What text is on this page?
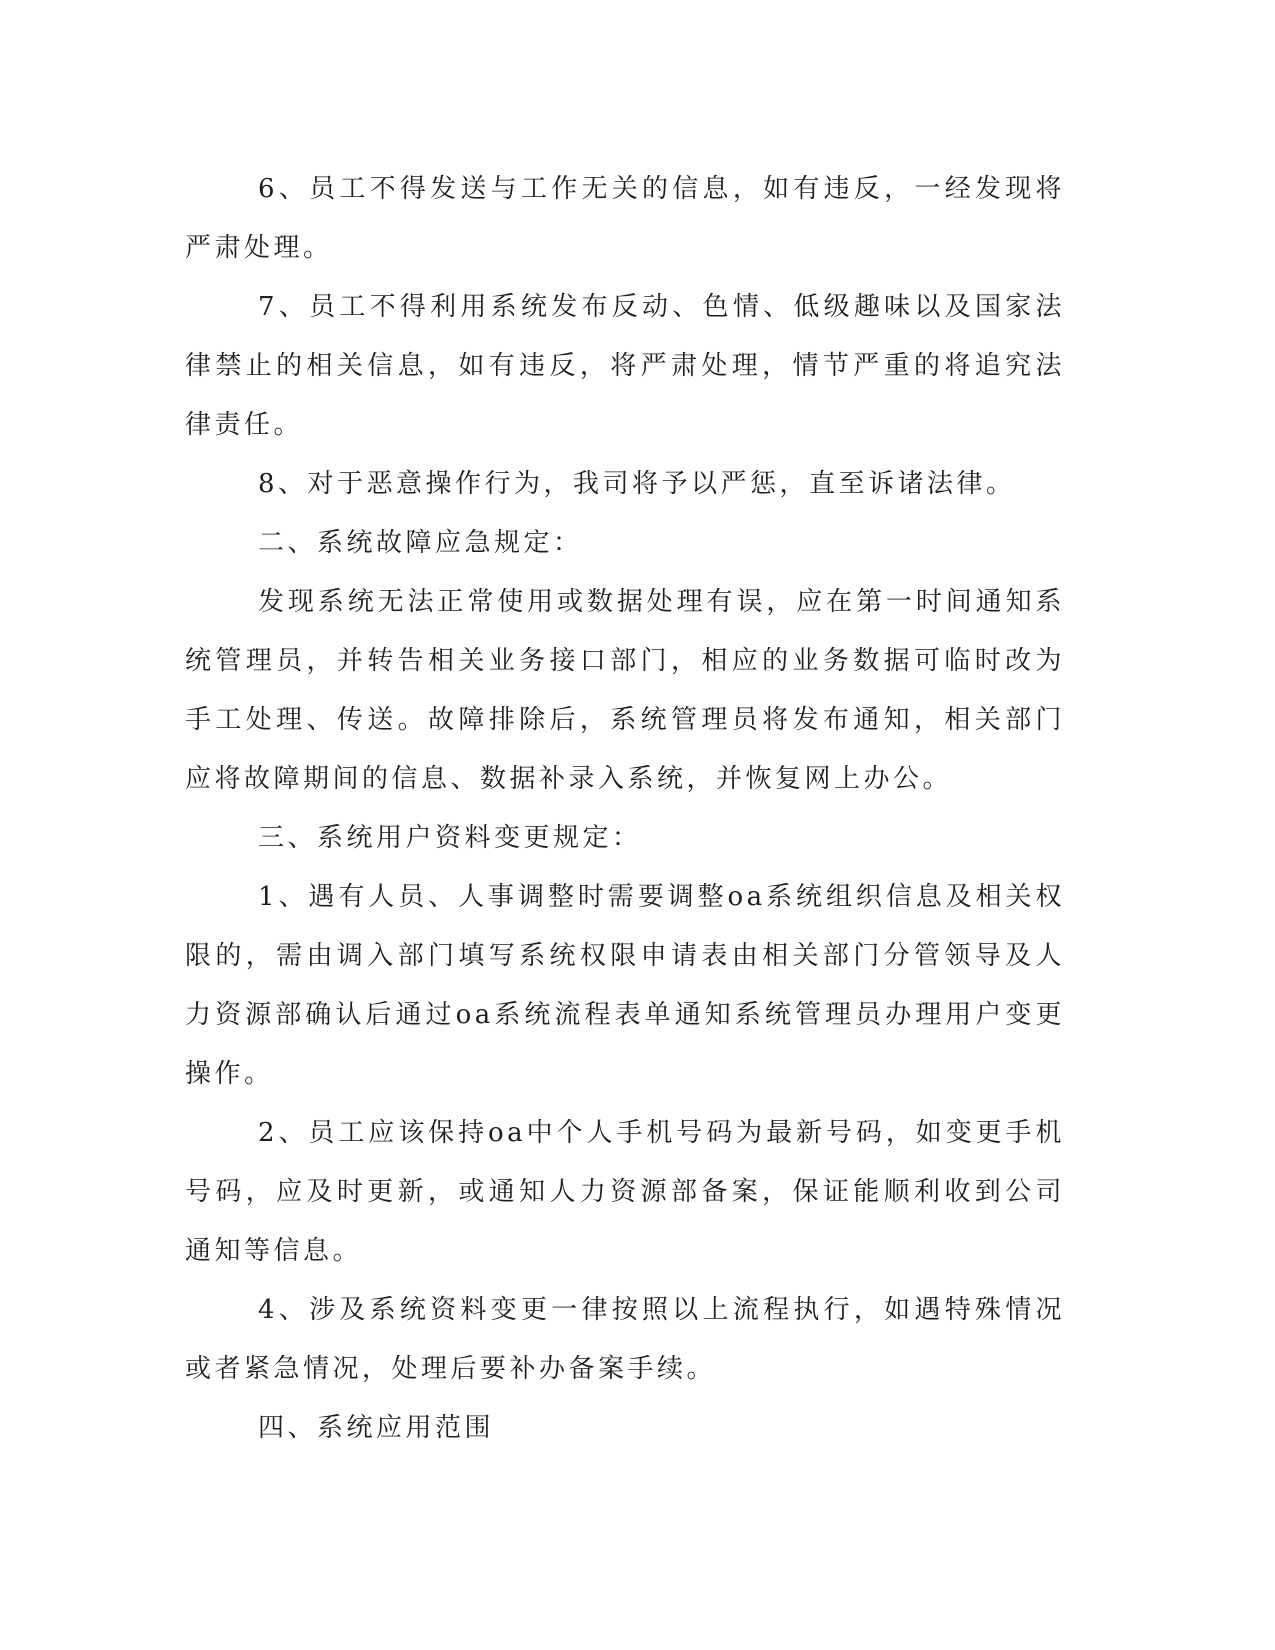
6、员工不得发送与工作无关的信息，如有违反，一经发现将严肃处理。

7、员工不得利用系统发布反动、色情、低级趣味以及国家法律禁止的相关信息，如有违反，将严肃处理，情节严重的将追究法律责任。

8、对于恶意操作行为，我司将予以严惩，直至诉诸法律。

二、系统故障应急规定：

发现系统无法正常使用或数据处理有误，应在第一时间通知系统管理员，并转告相关业务接口部门，相应的业务数据可临时改为手工处理、传送。故障排除后，系统管理员将发布通知，相关部门应将故障期间的信息、数据补录入系统，并恢复网上办公。

三、系统用户资料变更规定：

1、遇有人员、人事调整时需要调整oa系统组织信息及相关权限的，需由调入部门填写系统权限申请表由相关部门分管领导及人力资源部确认后通过oa系统流程表单通知系统管理员办理用户变更操作。

2、员工应该保持oa中个人手机号码为最新号码，如变更手机号码，应及时更新，或通知人力资源部备案，保证能顺利收到公司通知等信息。

4、涉及系统资料变更一律按照以上流程执行，如遇特殊情况或者紧急情况，处理后要补办备案手续。

四、系统应用范围
